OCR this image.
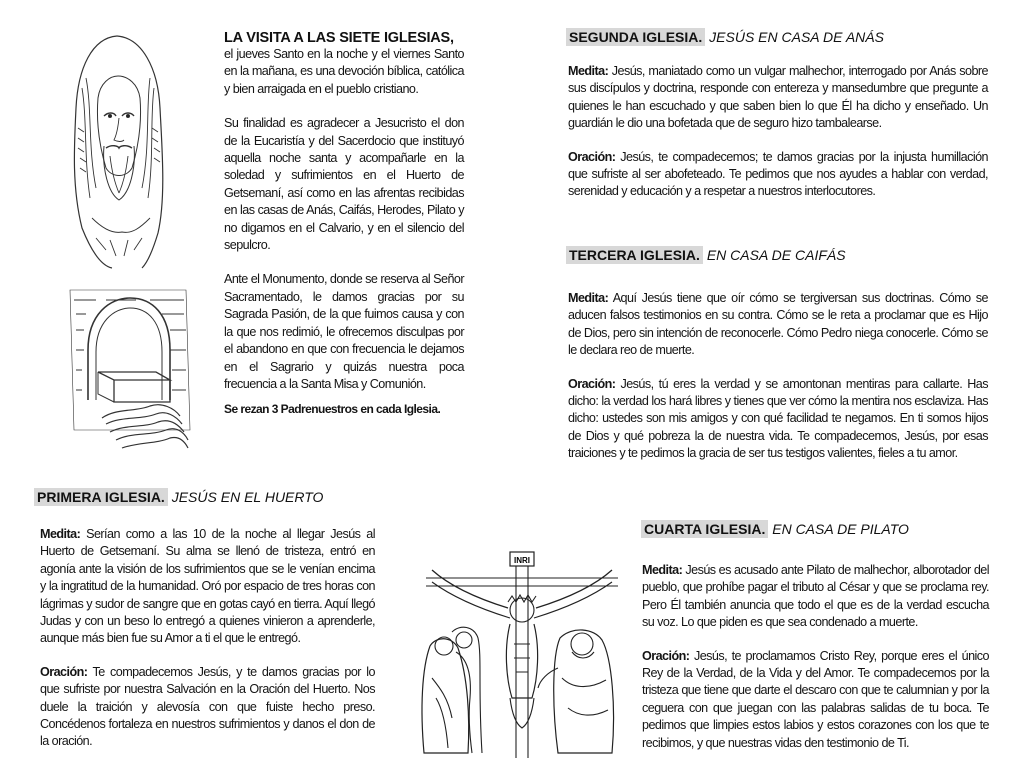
INRI
LA VISITA A LAS SIETE IGLESIAS,

el jueves Santo en la noche y el viernes Santo en la mañana, es una devoción bíblica, católica y bien arraigada en el pueblo cristiano.

Su finalidad es agradecer a Jesucristo el don de la Eucaristía y del Sacerdocio que instituyó aquella noche santa y acompañarle en la soledad y sufrimientos en el Huerto de Getsemaní, así como en las afrentas recibidas en las casas de Anás, Caifás, Herodes, Pilato y no digamos en el Calvario, y en el silencio del sepulcro.

Ante el Monumento, donde se reserva al Señor Sacramentado, le damos gracias por su Sagrada Pasión, de la que fuimos causa y con la que nos redimió, le ofrecemos disculpas por el abandono en que con frecuencia le dejamos en el Sagrario y quizás nuestra poca frecuencia a la Santa Misa y Comunión.

Se rezan 3 Padrenuestros en cada Iglesia.

PRIMERA IGLESIA. JESÚS EN EL HUERTO

Medita: Serían como a las 10 de la noche al llegar Jesús al Huerto de Getsemaní. Su alma se llenó de tristeza, entró en agonía ante la visión de los sufrimientos que se le venían encima y la ingratitud de la humanidad. Oró por espacio de tres horas con lágrimas y sudor de sangre que en gotas cayó en tierra. Aquí llegó Judas y con un beso lo entregó a quienes vinieron a aprenderle, aunque más bien fue su Amor a ti el que le entregó.

Oración: Te compadecemos Jesús, y te damos gracias por lo que sufriste por nuestra Salvación en la Oración del Huerto. Nos duele la traición y alevosía con que fuiste hecho preso. Concédenos fortaleza en nuestros sufrimientos y danos el don de la oración.

SEGUNDA IGLESIA. JESÚS EN CASA DE ANÁS

Medita: Jesús, maniatado como un vulgar malhechor, interrogado por Anás sobre sus discípulos y doctrina, responde con entereza y mansedumbre que pregunte a quienes le han escuchado y que saben bien lo que Él ha dicho y enseñado. Un guardián le dio una bofetada que de seguro hizo tambalearse.

Oración: Jesús, te compadecemos; te damos gracias por la injusta humillación que sufriste al ser abofeteado. Te pedimos que nos ayudes a hablar con verdad, serenidad y educación y a respetar a nuestros interlocutores.

TERCERA IGLESIA. EN CASA DE CAIFÁS

Medita: Aquí Jesús tiene que oír cómo se tergiversan sus doctrinas. Cómo se aducen falsos testimonios en su contra. Cómo se le reta a proclamar que es Hijo de Dios, pero sin intención de reconocerle. Cómo Pedro niega conocerle. Cómo se le declara reo de muerte.

Oración: Jesús, tú eres la verdad y se amontonan mentiras para callarte. Has dicho: la verdad los hará libres y tienes que ver cómo la mentira nos esclaviza. Has dicho: ustedes son mis amigos y con qué facilidad te negamos. En ti somos hijos de Dios y qué pobreza la de nuestra vida. Te compadecemos, Jesús, por esas traiciones y te pedimos la gracia de ser tus testigos valientes, fieles a tu amor.

CUARTA IGLESIA. EN CASA DE PILATO

Medita: Jesús es acusado ante Pilato de malhechor, alborotador del pueblo, que prohíbe pagar el tributo al César y que se proclama rey. Pero Él también anuncia que todo el que es de la verdad escucha su voz. Lo que piden es que sea condenado a muerte.

Oración: Jesús, te proclamamos Cristo Rey, porque eres el único Rey de la Verdad, de la Vida y del Amor. Te compadecemos por la tristeza que tiene que darte el descaro con que te calumnian y por la ceguera con que juegan con las palabras salidas de tu boca. Te pedimos que limpies estos labios y estos corazones con los que te recibimos, y que nuestras vidas den testimonio de Ti.
